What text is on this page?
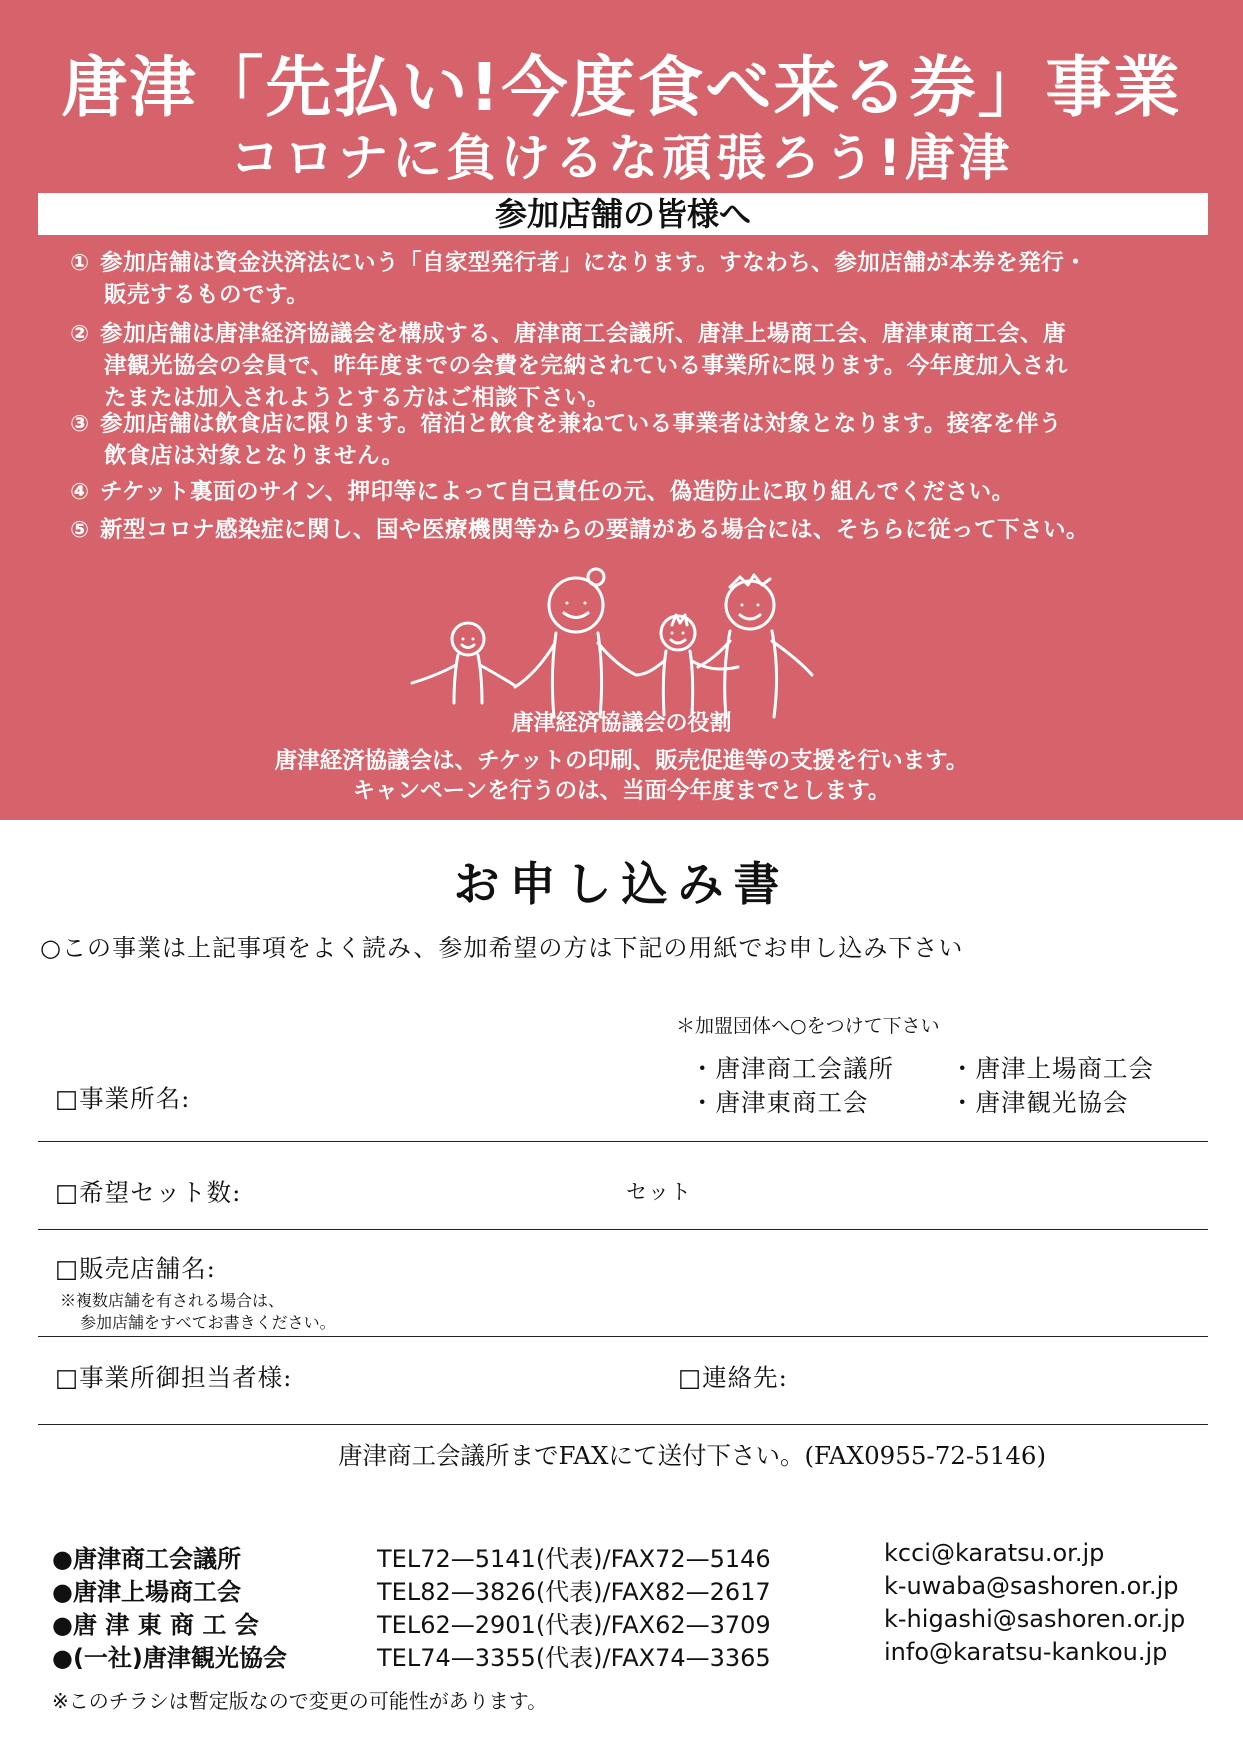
唐津「先払い!今度食べ来る券」事業
コロナに負けるな頑張ろう!唐津
参加店舗の皆様へ
① 参加店舗は資金決済法にいう「自家型発行者」になります。すなわち、参加店舗が本券を発行・
販売するものです。
② 参加店舗は唐津経済協議会を構成する、唐津商工会議所、唐津上場商工会、唐津東商工会、唐
津観光協会の会員で、昨年度までの会費を完納されている事業所に限ります。今年度加入され
たまたは加入されようとする方はご相談下さい。
③ 参加店舗は飲食店に限ります。宿泊と飲食を兼ねている事業者は対象となります。接客を伴う
飲食店は対象となりません。
④ チケット裏面のサイン、押印等によって自己責任の元、偽造防止に取り組んでください。
⑤ 新型コロナ感染症に関し、国や医療機関等からの要請がある場合には、そちらに従って下さい。
唐津経済協議会の役割
唐津経済協議会は、チケットの印刷、販売促進等の支援を行います。
キャンペーンを行うのは、当面今年度までとします。
お申し込み書
○この事業は上記事項をよく読み、参加希望の方は下記の用紙でお申し込み下さい
＊加盟団体へ○をつけて下さい
・唐津商工会議所 ・唐津上場商工会
・唐津東商工会	・唐津観光協会
□事業所名:
□希望セット数:	セット
□販売店舗名:
※複数店舗を有される場合は、
参加店舗をすべてお書きください。
□事業所御担当者様:	□連絡先:
唐津商工会議所までFAXにて送付下さい。(FAX0955-72-5146)
●唐津商工会議所	TEL72—5141(代表)/FAX72—5146	kcci@karatsu.or.jp
●唐津上場商工会	TEL82—3826(代表)/FAX82—2617	k-uwaba@sashoren.or.jp
●唐 津 東 商 工 会	TEL62—2901(代表)/FAX62—3709	k-higashi@sashoren.or.jp
●(一社)唐津観光協会	TEL74—3355(代表)/FAX74—3365	info@karatsu-kankou.jp
※このチラシは暫定版なので変更の可能性があります。
